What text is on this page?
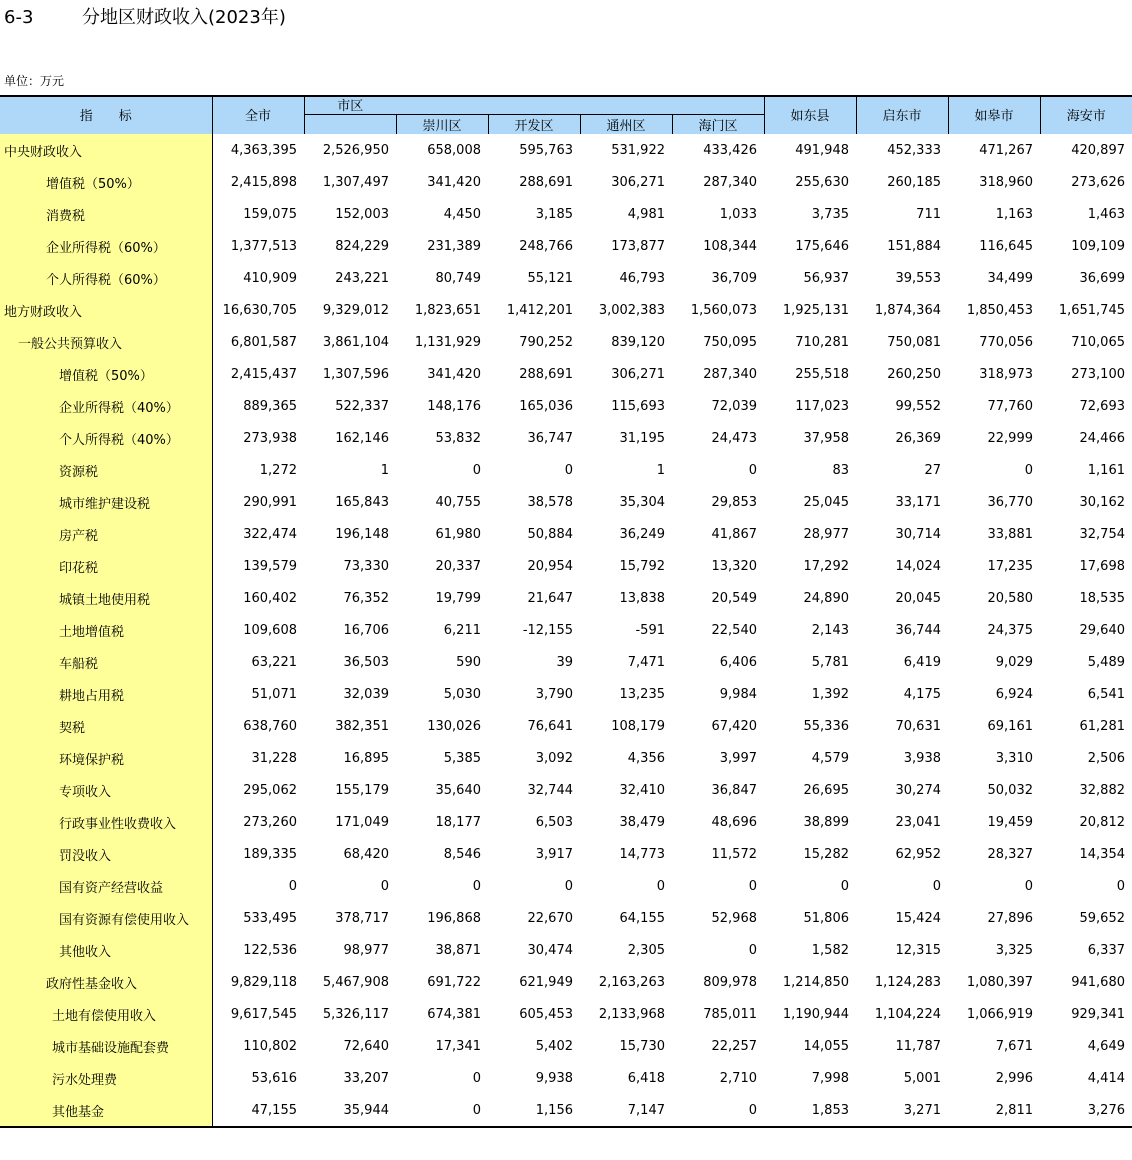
6-3	分地区财政收入(2023年)
单位：万元
指　　标	全市	市区					如东县	启东市	如皋市	海安市
			崇川区	开发区	通州区	海门区				
中央财政收入	4,363,395	2,526,950	658,008	595,763	531,922	433,426	491,948	452,333	471,267	420,897
增值税（50%）	2,415,898	1,307,497	341,420	288,691	306,271	287,340	255,630	260,185	318,960	273,626
消费税	159,075	152,003	4,450	3,185	4,981	1,033	3,735	711	1,163	1,463
企业所得税（60%）	1,377,513	824,229	231,389	248,766	173,877	108,344	175,646	151,884	116,645	109,109
个人所得税（60%）	410,909	243,221	80,749	55,121	46,793	36,709	56,937	39,553	34,499	36,699
地方财政收入	16,630,705	9,329,012	1,823,651	1,412,201	3,002,383	1,560,073	1,925,131	1,874,364	1,850,453	1,651,745
一般公共预算收入	6,801,587	3,861,104	1,131,929	790,252	839,120	750,095	710,281	750,081	770,056	710,065
增值税（50%）	2,415,437	1,307,596	341,420	288,691	306,271	287,340	255,518	260,250	318,973	273,100
企业所得税（40%）	889,365	522,337	148,176	165,036	115,693	72,039	117,023	99,552	77,760	72,693
个人所得税（40%）	273,938	162,146	53,832	36,747	31,195	24,473	37,958	26,369	22,999	24,466
资源税	1,272	1	0	0	1	0	83	27	0	1,161
城市维护建设税	290,991	165,843	40,755	38,578	35,304	29,853	25,045	33,171	36,770	30,162
房产税	322,474	196,148	61,980	50,884	36,249	41,867	28,977	30,714	33,881	32,754
印花税	139,579	73,330	20,337	20,954	15,792	13,320	17,292	14,024	17,235	17,698
城镇土地使用税	160,402	76,352	19,799	21,647	13,838	20,549	24,890	20,045	20,580	18,535
土地增值税	109,608	16,706	6,211	-12,155	-591	22,540	2,143	36,744	24,375	29,640
车船税	63,221	36,503	590	39	7,471	6,406	5,781	6,419	9,029	5,489
耕地占用税	51,071	32,039	5,030	3,790	13,235	9,984	1,392	4,175	6,924	6,541
契税	638,760	382,351	130,026	76,641	108,179	67,420	55,336	70,631	69,161	61,281
环境保护税	31,228	16,895	5,385	3,092	4,356	3,997	4,579	3,938	3,310	2,506
专项收入	295,062	155,179	35,640	32,744	32,410	36,847	26,695	30,274	50,032	32,882
行政事业性收费收入	273,260	171,049	18,177	6,503	38,479	48,696	38,899	23,041	19,459	20,812
罚没收入	189,335	68,420	8,546	3,917	14,773	11,572	15,282	62,952	28,327	14,354
国有资产经营收益	0	0	0	0	0	0	0	0	0	0
国有资源有偿使用收入	533,495	378,717	196,868	22,670	64,155	52,968	51,806	15,424	27,896	59,652
其他收入	122,536	98,977	38,871	30,474	2,305	0	1,582	12,315	3,325	6,337
政府性基金收入	9,829,118	5,467,908	691,722	621,949	2,163,263	809,978	1,214,850	1,124,283	1,080,397	941,680
土地有偿使用收入	9,617,545	5,326,117	674,381	605,453	2,133,968	785,011	1,190,944	1,104,224	1,066,919	929,341
城市基础设施配套费	110,802	72,640	17,341	5,402	15,730	22,257	14,055	11,787	7,671	4,649
污水处理费	53,616	33,207	0	9,938	6,418	2,710	7,998	5,001	2,996	4,414
其他基金	47,155	35,944	0	1,156	7,147	0	1,853	3,271	2,811	3,276
